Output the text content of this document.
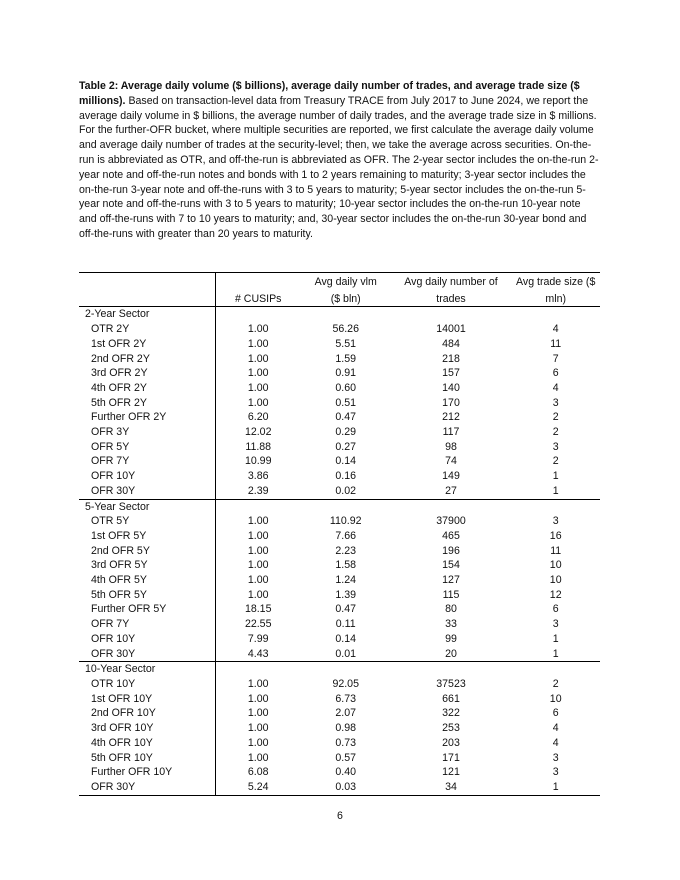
Table 2: Average daily volume ($ billions), average daily number of trades, and average trade size ($ millions). Based on transaction-level data from Treasury TRACE from July 2017 to June 2024, we report the average daily volume in $ billions, the average number of daily trades, and the average trade size in $ millions. For the further-OFR bucket, where multiple securities are reported, we first calculate the average daily volume and average daily number of trades at the security-level; then, we take the average across securities. On-the-run is abbreviated as OTR, and off-the-run is abbreviated as OFR. The 2-year sector includes the on-the-run 2-year note and off-the-run notes and bonds with 1 to 2 years remaining to maturity; 3-year sector includes the on-the-run 3-year note and off-the-runs with 3 to 5 years to maturity; 5-year sector includes the on-the-run 5-year note and off-the-runs with 3 to 5 years to maturity; 10-year sector includes the on-the-run 10-year note and off-the-runs with 7 to 10 years to maturity; and, 30-year sector includes the on-the-run 30-year bond and off-the-runs with greater than 20 years to maturity.
		Avg daily vlm	Avg daily number of	Avg trade size ($
	# CUSIPs	($ bln)	trades	mln)
2-Year Sector				
OTR 2Y	1.00	56.26	14001	4
1st OFR 2Y	1.00	5.51	484	11
2nd OFR 2Y	1.00	1.59	218	7
3rd OFR 2Y	1.00	0.91	157	6
4th OFR 2Y	1.00	0.60	140	4
5th OFR 2Y	1.00	0.51	170	3
Further OFR 2Y	6.20	0.47	212	2
OFR 3Y	12.02	0.29	117	2
OFR 5Y	11.88	0.27	98	3
OFR 7Y	10.99	0.14	74	2
OFR 10Y	3.86	0.16	149	1
OFR 30Y	2.39	0.02	27	1
5-Year Sector				
OTR 5Y	1.00	110.92	37900	3
1st OFR 5Y	1.00	7.66	465	16
2nd OFR 5Y	1.00	2.23	196	11
3rd OFR 5Y	1.00	1.58	154	10
4th OFR 5Y	1.00	1.24	127	10
5th OFR 5Y	1.00	1.39	115	12
Further OFR 5Y	18.15	0.47	80	6
OFR 7Y	22.55	0.11	33	3
OFR 10Y	7.99	0.14	99	1
OFR 30Y	4.43	0.01	20	1
10-Year Sector				
OTR 10Y	1.00	92.05	37523	2
1st OFR 10Y	1.00	6.73	661	10
2nd OFR 10Y	1.00	2.07	322	6
3rd OFR 10Y	1.00	0.98	253	4
4th OFR 10Y	1.00	0.73	203	4
5th OFR 10Y	1.00	0.57	171	3
Further OFR 10Y	6.08	0.40	121	3
OFR 30Y	5.24	0.03	34	1
6
